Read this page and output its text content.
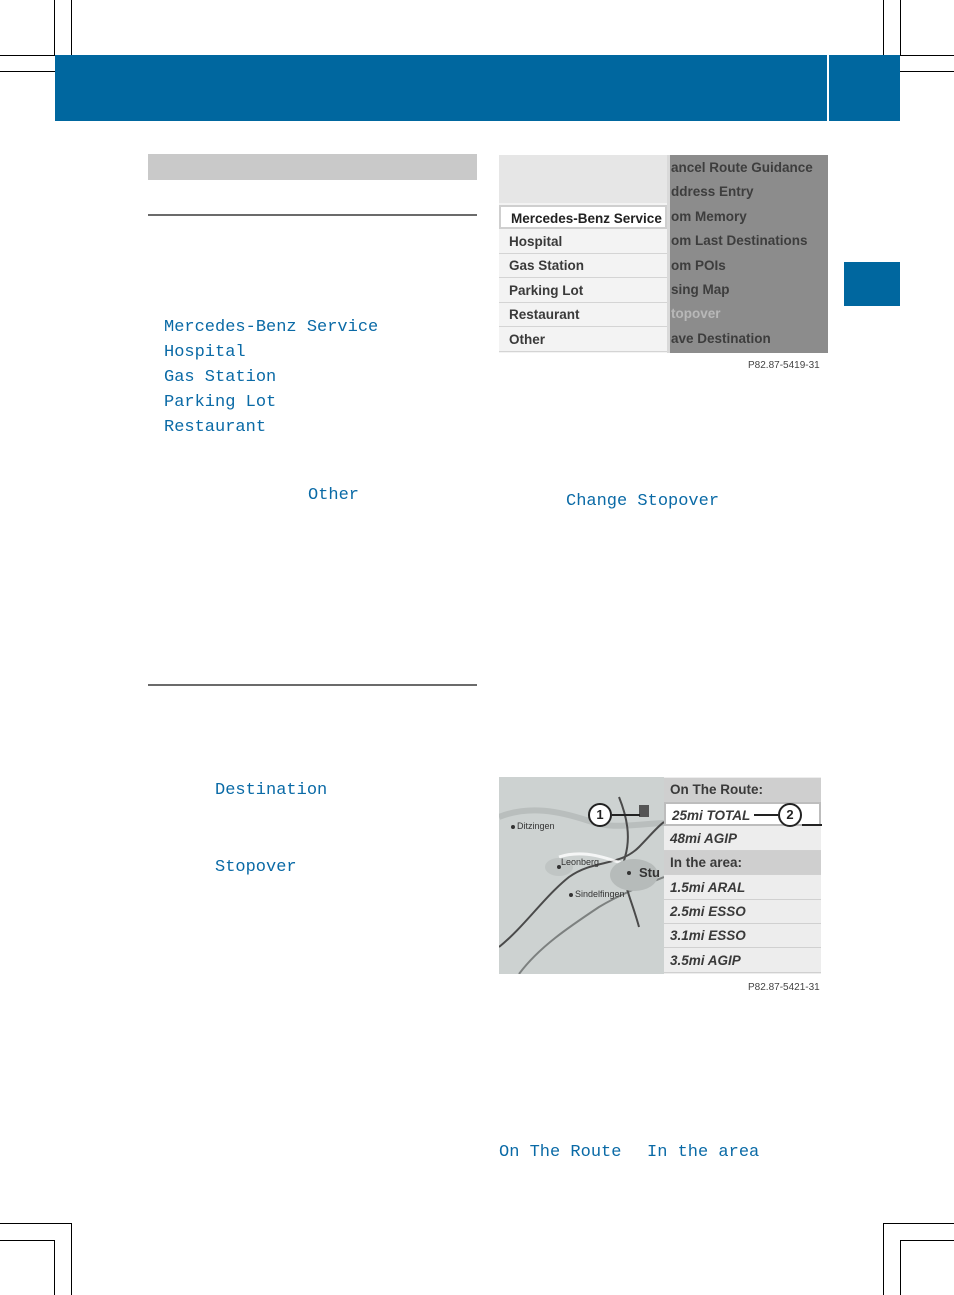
Mercedes-Benz Service
Hospital
Gas Station
Parking Lot
Restaurant
Other
Destination
Stopover
Mercedes-Benz Service
Hospital
Gas Station
Parking Lot
Restaurant
Other
ancel Route Guidance
ddress Entry
om Memory
om Last Destinations
om POIs
sing Map
topover
ave Destination
P82.87-5419-31
Change Stopover
Ditzingen
Stu
Sindelfingen
Leonberg
On The Route:
25mi TOTAL
48mi AGIP
In the area:
1.5mi ARAL
2.5mi ESSO
3.1mi ESSO
3.5mi AGIP
1	2
P82.87-5421-31
On The Route In the area
